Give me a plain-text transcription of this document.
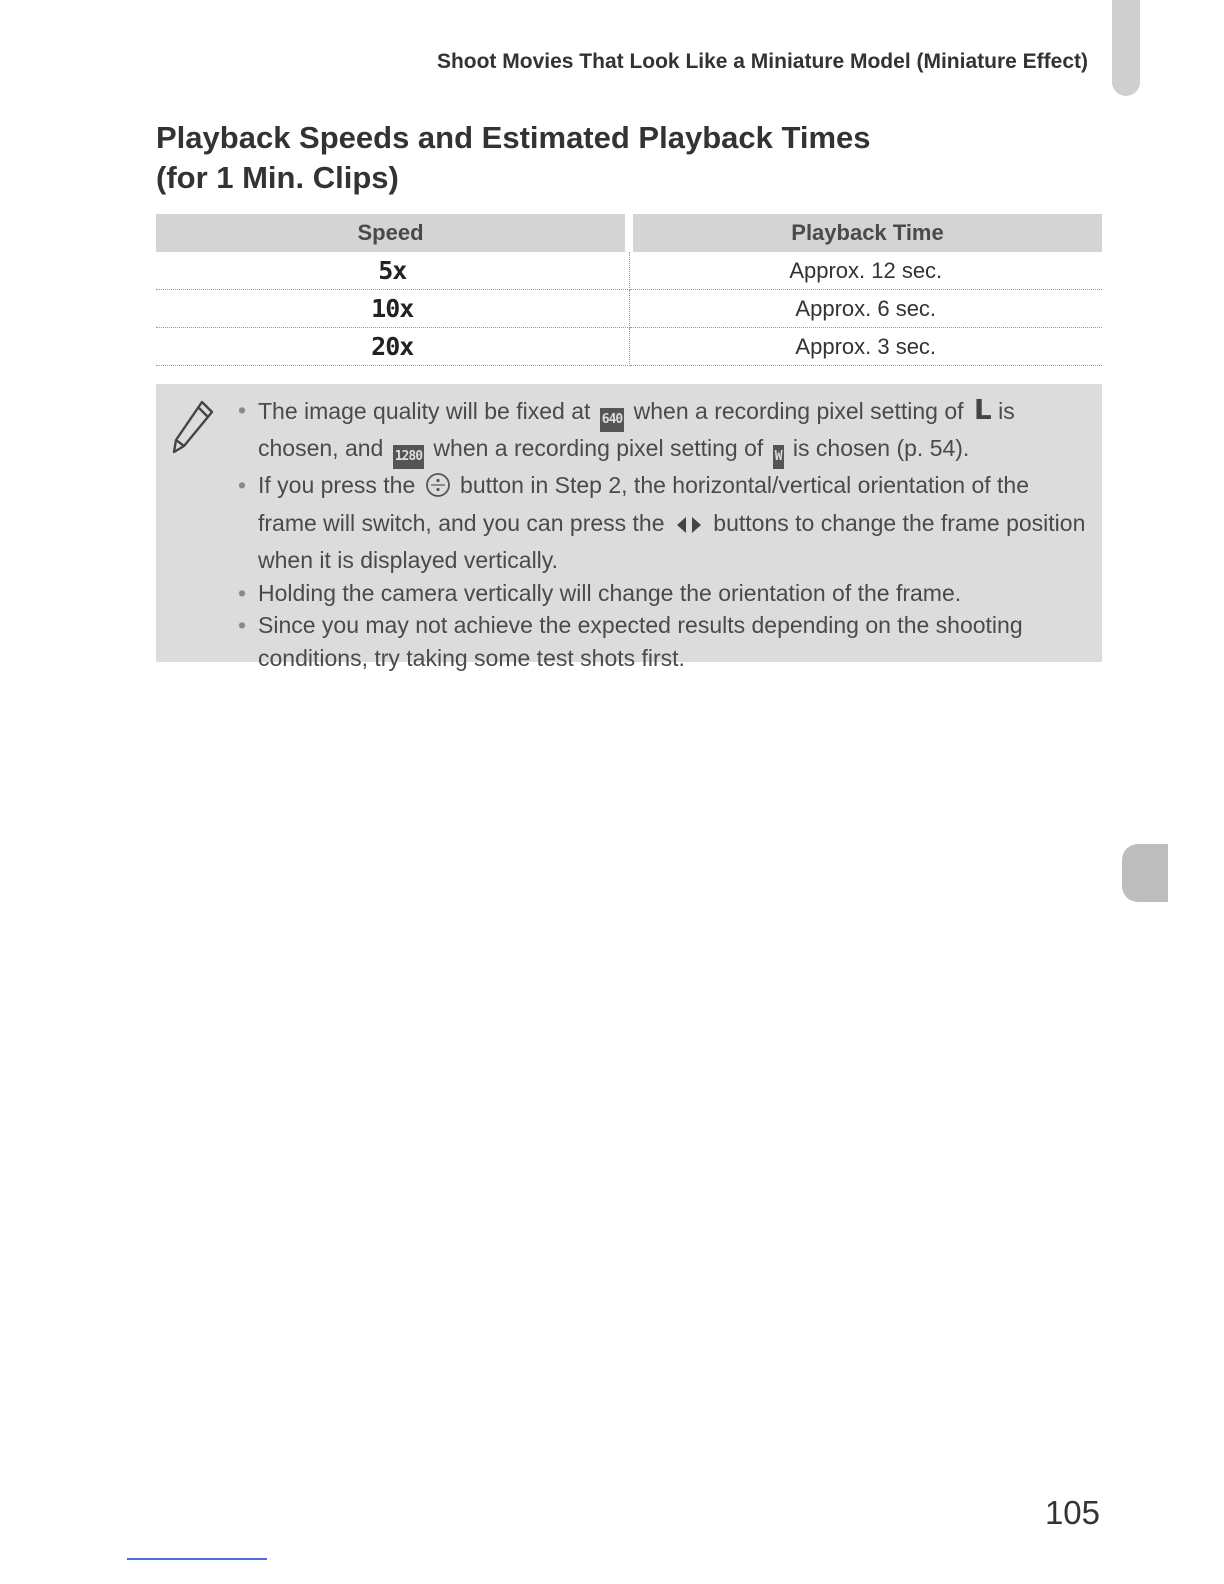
Shoot Movies That Look Like a Miniature Model (Miniature Effect)
Playback Speeds and Estimated Playback Times
(for 1 Min. Clips)
Speed	Playback Time
5x	Approx. 12 sec.
10x	Approx. 6 sec.
20x	Approx. 3 sec.
• The image quality will be fixed at 640 when a recording pixel setting of L is chosen, and 1280 when a recording pixel setting of W is chosen (p. 54).
• If you press the button in Step 2, the horizontal/vertical orientation of the frame will switch, and you can press the buttons to change the frame position when it is displayed vertically.
• Holding the camera vertically will change the orientation of the frame.
• Since you may not achieve the expected results depending on the shooting conditions, try taking some test shots first.
105
